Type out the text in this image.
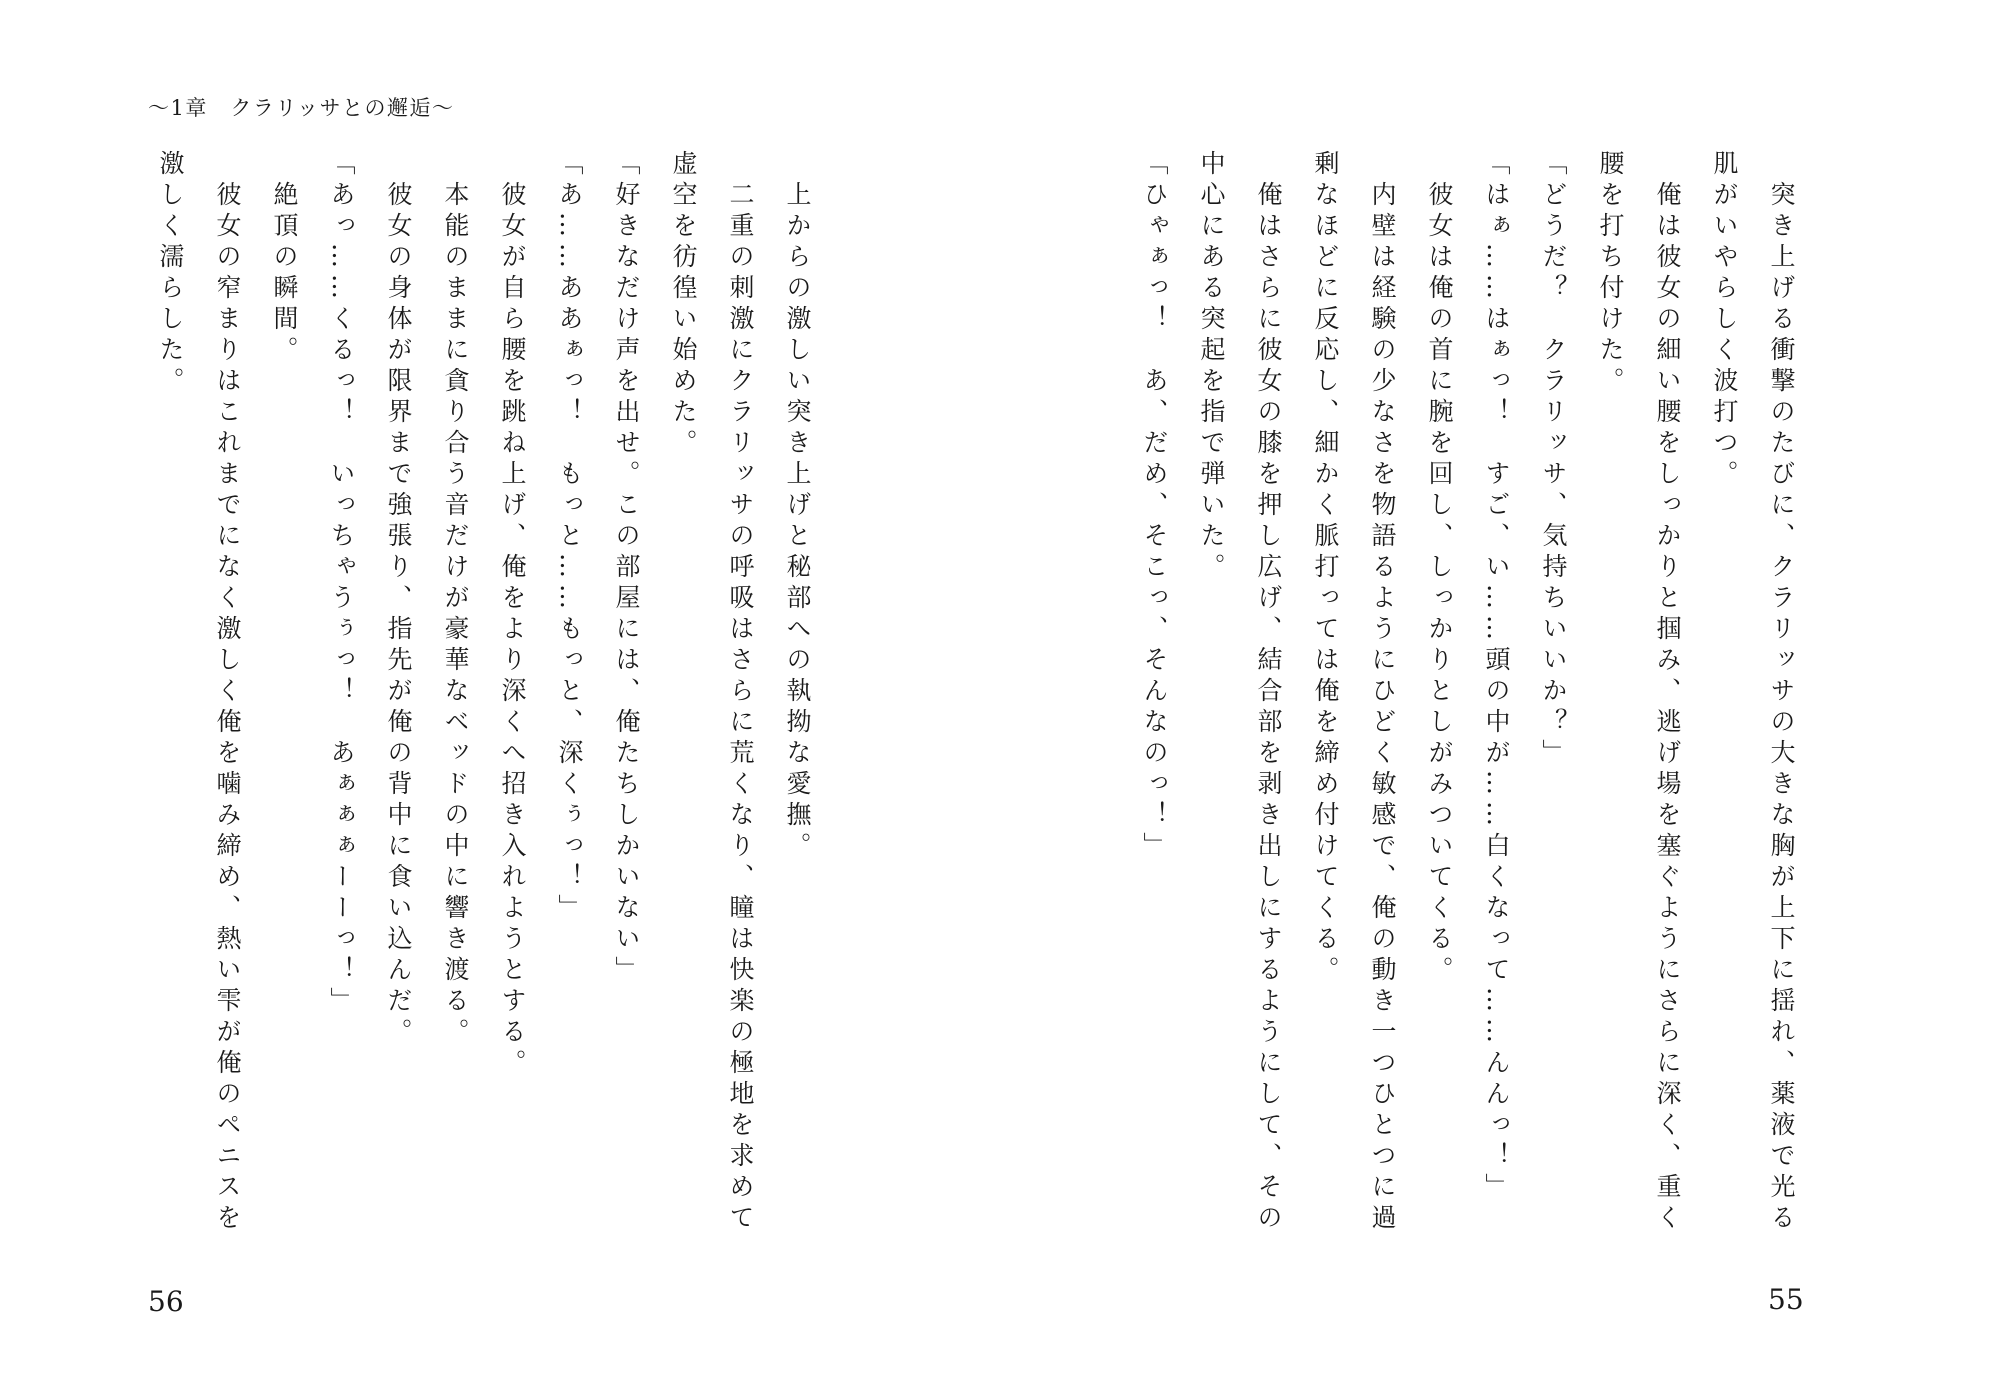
〜1章　クラリッサとの邂逅〜

突き上げる衝撃のたびに、クラリッサの大きな胸が上下に揺れ、薬液で光る肌がいやらしく波打つ。

俺は彼女の細い腰をしっかりと掴み、逃げ場を塞ぐようにさらに深く、重く腰を打ち付けた。

「どうだ？　クラリッサ、気持ちいいか？」

「はぁ……はぁっ！　すご、い……頭の中が……白くなって……んんっ！」

彼女は俺の首に腕を回し、しっかりとしがみついてくる。

内壁は経験の少なさを物語るようにひどく敏感で、俺の動き一つひとつに過剰なほどに反応し、細かく脈打っては俺を締め付けてくる。

俺はさらに彼女の膝を押し広げ、結合部を剥き出しにするようにして、その中心にある突起を指で弾いた。

「ひゃぁっ！　あ、だめ、そこっ、そんなのっ！」

上からの激しい突き上げと秘部への執拗な愛撫。

二重の刺激にクラリッサの呼吸はさらに荒くなり、瞳は快楽の極地を求めて虚空を彷徨い始めた。

「好きなだけ声を出せ。この部屋には、俺たちしかいない」

「あ……ああぁっ！　もっと……もっと、深くぅっ！」

彼女が自ら腰を跳ね上げ、俺をより深くへ招き入れようとする。

本能のままに貪り合う音だけが豪華なベッドの中に響き渡る。

彼女の身体が限界まで強張り、指先が俺の背中に食い込んだ。

「あっ……くるっ！　いっちゃうぅっ！　あぁぁぁーーっ！」

絶頂の瞬間。

彼女の窄まりはこれまでになく激しく俺を噛み締め、熱い雫が俺のペニスを激しく濡らした。

55
56
